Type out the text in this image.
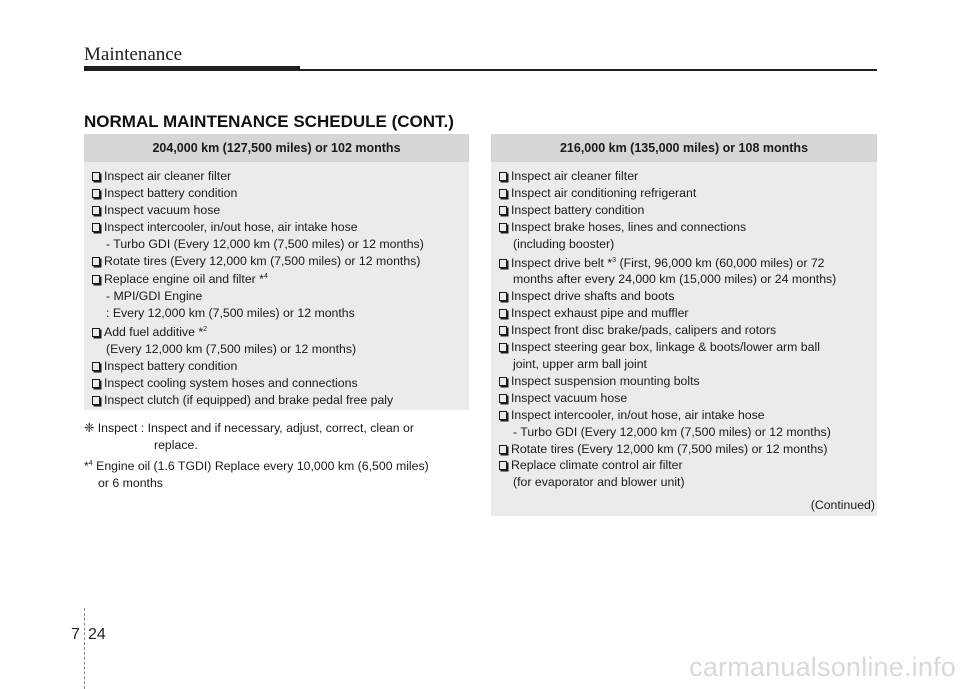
Maintenance
NORMAL MAINTENANCE SCHEDULE (CONT.)
204,000 km (127,500 miles) or 102 months
Inspect air cleaner filter
Inspect battery condition
Inspect vacuum hose
Inspect intercooler, in/out hose, air intake hose
- Turbo GDI (Every 12,000 km (7,500 miles) or 12 months)
Rotate tires (Every 12,000 km (7,500 miles) or 12 months)
Replace engine oil and filter *$^4$
- MPI/GDI Engine
: Every 12,000 km (7,500 miles) or 12 months
Add fuel additive *$^2$
(Every 12,000 km (7,500 miles) or 12 months)
Inspect battery condition
Inspect cooling system hoses and connections
Inspect clutch (if equipped) and brake pedal free paly
216,000 km (135,000 miles) or 108 months
Inspect air cleaner filter
Inspect air conditioning refrigerant
Inspect battery condition
Inspect brake hoses, lines and connections
(including booster)
Inspect drive belt *$^3$ (First, 96,000 km (60,000 miles) or 72
months after every 24,000 km (15,000 miles) or 24 months)
Inspect drive shafts and boots
Inspect exhaust pipe and muffler
Inspect front disc brake/pads, calipers and rotors
Inspect steering gear box, linkage & boots/lower arm ball
joint, upper arm ball joint
Inspect suspension mounting bolts
Inspect vacuum hose
Inspect intercooler, in/out hose, air intake hose
- Turbo GDI (Every 12,000 km (7,500 miles) or 12 months)
Rotate tires (Every 12,000 km (7,500 miles) or 12 months)
Replace climate control air filter
(for evaporator and blower unit)
(Continued)
❈ Inspect : Inspect and if necessary, adjust, correct, clean or
replace.
*$^4$ Engine oil (1.6 TGDI) Replace every 10,000 km (6,500 miles)
or 6 months
7 24
carmanualsonline.info
